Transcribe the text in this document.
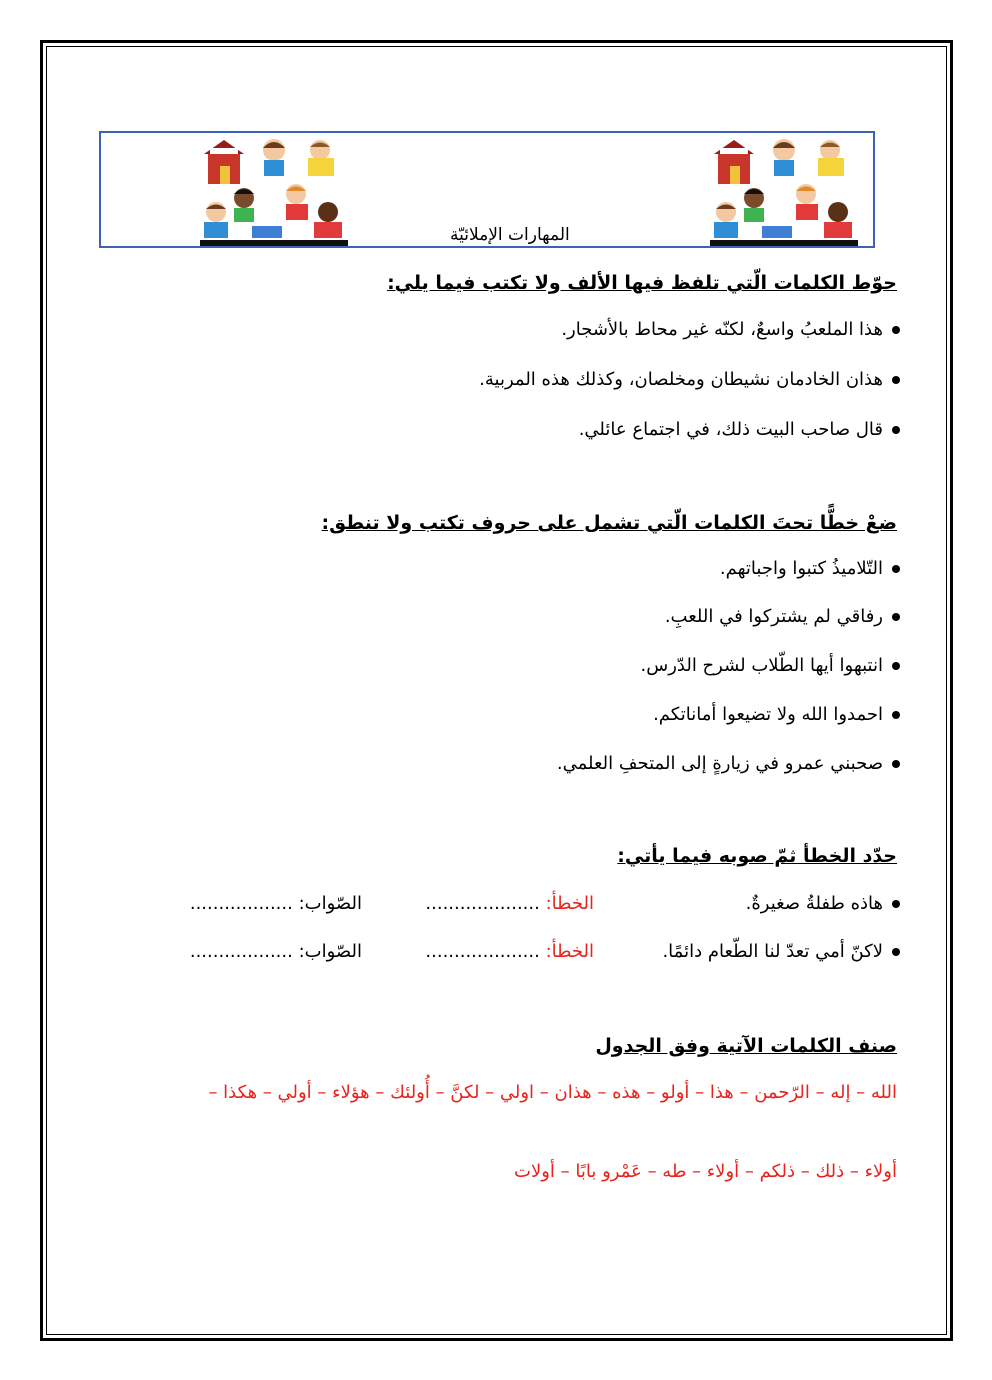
المهارات الإملائيّة
حوّط الكلمات الّتي تلفظ فيها الألف ولا تكتب فيما يلي:
هذا الملعبُ واسعٌ، لكنّه غير محاط بالأشجار.
هذان الخادمان نشيطان ومخلصان، وكذلك هذه المربية.
قال صاحب البيت ذلك، في اجتماع عائلي.
ضعْ خطًّا تحتَ الكلمات الّتي تشمل على حروف تكتب ولا تنطق:
التّلاميذُ كتبوا واجباتهم.
رفاقي لم يشتركوا في اللعبِ.
انتبهوا أيها الطّلاب لشرح الدّرس.
احمدوا الله ولا تضيعوا أماناتكم.
صحبني عمرو في زيارةٍ إلى المتحفِ العلمي.
حدّد الخطأ ثمّ صوبه فيما يأتي:
هاذه طفلةُ صغيرةٌ.
الخطأ: ....................
الصّواب: ..................
لاكنّ أمي تعدّ لنا الطّعام دائمًا.
الخطأ: ....................
الصّواب: ..................
صنف الكلمات الآتية وفق الجدول
الله – إله – الرّحمن – هذا – أولو – هذه – هذان – اولي – لكنَّ – أُولئك – هؤلاء – أولي – هكذا –
أولاء – ذلك – ذلكم – أولاء – طه – عَمْرو بابًا – أولات
